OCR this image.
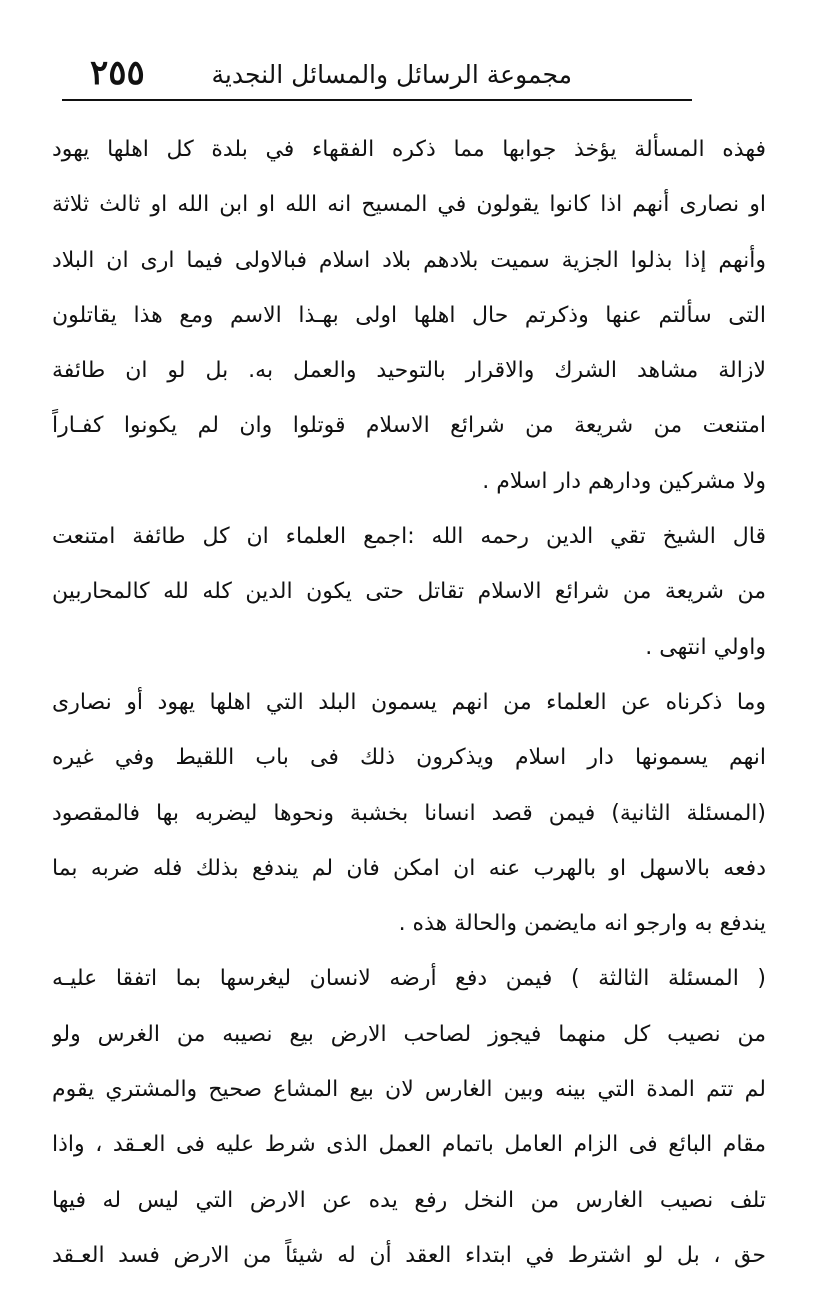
٢٥٥	مجموعة الرسائل والمسائل النجدية
فهذه المسألة يؤخذ جوابها مما ذكره الفقهاء في بلدة كل اهلها يهود
او نصارى أنهم اذا كانوا يقولون في المسيح انه الله او ابن الله او ثالث ثلاثة
وأنهم إذا بذلوا الجزية سميت بلادهم بلاد اسلام فبالاولى فيما ارى ان البلاد
التى سألتم عنها وذكرتم حال اهلها اولى بهـذا الاسم ومع هذا يقاتلون
لازالة مشاهد الشرك والاقرار بالتوحيد والعمل به. بل لو ان طائفة
امتنعت من شريعة من شرائع الاسلام قوتلوا وان لم يكونوا كفـاراً
ولا مشركين ودارهم دار اسلام .
قال الشيخ تقي الدين رحمه الله :اجمع العلماء ان كل طائفة امتنعت
من شريعة من شرائع الاسلام تقاتل حتى يكون الدين كله لله كالمحاربين
واولي انتهى .
وما ذكرناه عن العلماء من انهم يسمون البلد التي اهلها يهود أو نصارى
انهم يسمونها دار اسلام ويذكرون ذلك فى باب اللقيط وفي غيره
(المسئلة الثانية) فيمن قصد انسانا بخشبة ونحوها ليضربه بها فالمقصود
دفعه بالاسهل او بالهرب عنه ان امكن فان لم يندفع بذلك فله ضربه بما
يندفع به وارجو انه مايضمن والحالة هذه .
( المسئلة الثالثة ) فيمن دفع أرضه لانسان ليغرسها بما اتفقا عليـه
من نصيب كل منهما فيجوز لصاحب الارض بيع نصيبه من الغرس ولو
لم تتم المدة التي بينه وبين الغارس لان بيع المشاع صحيح والمشتري يقوم
مقام البائع فى الزام العامل باتمام العمل الذى شرط عليه فى العـقد ، واذا
تلف نصيب الغارس من النخل رفع يده عن الارض التي ليس له فيها
حق ، بل لو اشترط في ابتداء العقد أن له شيئاً من الارض فسد العـقد
